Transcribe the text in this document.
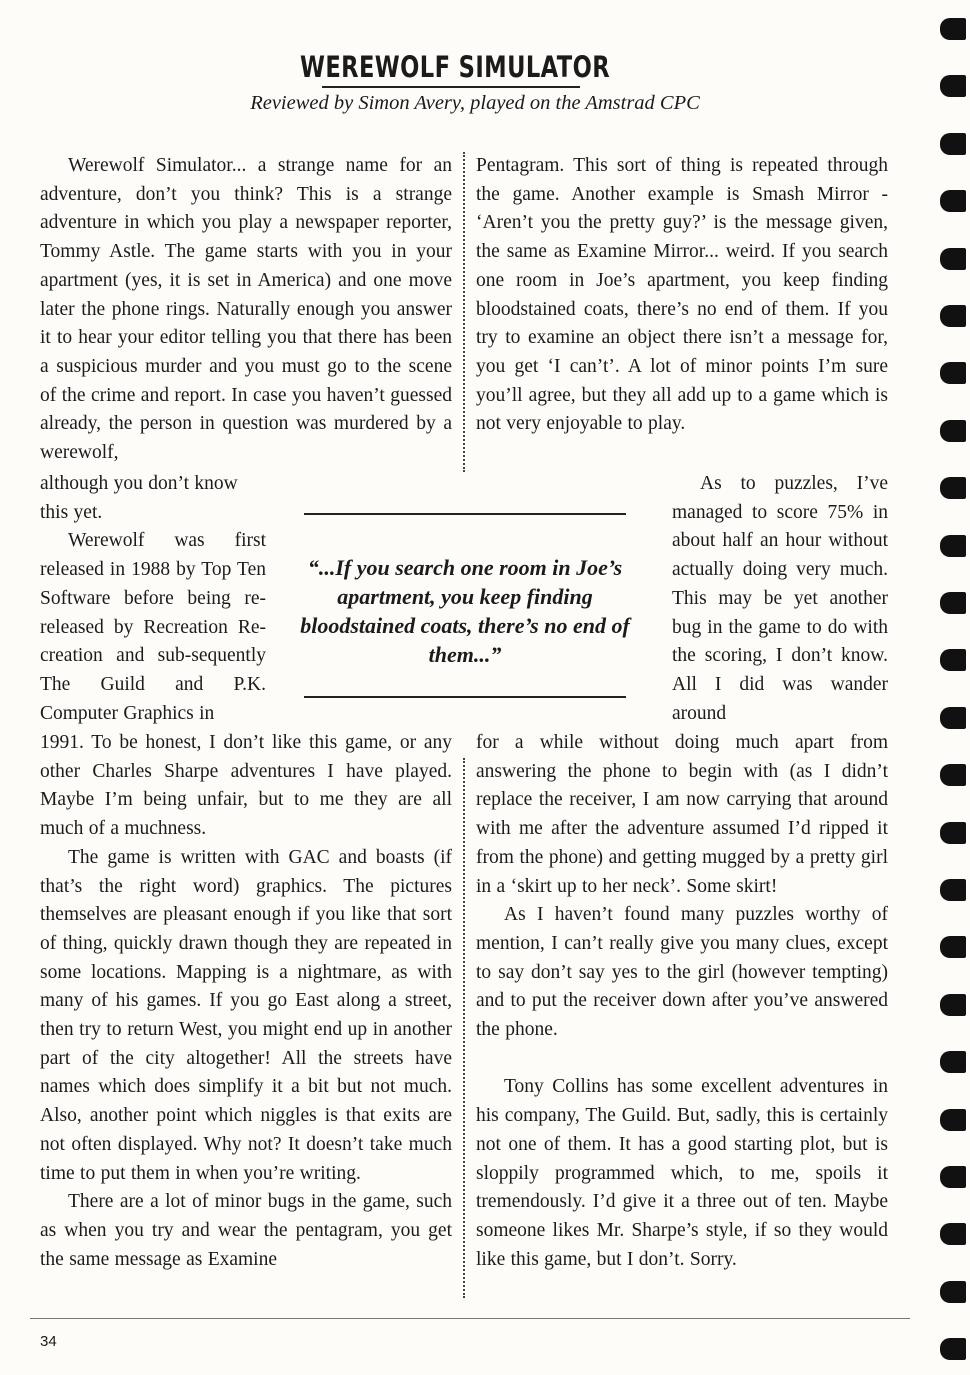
WEREWOLF SIMULATOR
Reviewed by Simon Avery, played on the Amstrad CPC

Werewolf Simulator... a strange name for an adventure, don’t you think? This is a strange adventure in which you play a newspaper reporter, Tommy Astle. The game starts with you in your apartment (yes, it is set in America) and one move later the phone rings. Naturally enough you answer it to hear your editor telling you that there has been a suspicious murder and you must go to the scene of the crime and report. In case you haven’t guessed already, the person in question was murdered by a werewolf,

Pentagram. This sort of thing is repeated through the game. Another example is Smash Mirror - ‘Aren’t you the pretty guy?’ is the message given, the same as Examine Mirror... weird. If you search one room in Joe’s apartment, you keep finding bloodstained coats, there’s no end of them. If you try to examine an object there isn’t a message for, you get ‘I can’t’. A lot of minor points I’m sure you’ll agree, but they all add up to a game which is not very enjoyable to play.

although you don’t know this yet.

Werewolf was first released in 1988 by Top Ten Software before being re-released by Recreation Re-creation and sub-sequently The Guild and P.K. Computer Graphics in

“...If you search one room in Joe’s apartment, you keep finding bloodstained coats, there’s no end of them...”

As to puzzles, I’ve managed to score 75% in about half an hour without actually doing very much. This may be yet another bug in the game to do with the scoring, I don’t know. All I did was wander around

1991. To be honest, I don’t like this game, or any other Charles Sharpe adventures I have played. Maybe I’m being unfair, but to me they are all much of a muchness.

The game is written with GAC and boasts (if that’s the right word) graphics. The pictures themselves are pleasant enough if you like that sort of thing, quickly drawn though they are repeated in some locations. Mapping is a nightmare, as with many of his games. If you go East along a street, then try to return West, you might end up in another part of the city altogether! All the streets have names which does simplify it a bit but not much. Also, another point which niggles is that exits are not often displayed. Why not? It doesn’t take much time to put them in when you’re writing.

There are a lot of minor bugs in the game, such as when you try and wear the pentagram, you get the same message as Examine

for a while without doing much apart from answering the phone to begin with (as I didn’t replace the receiver, I am now carrying that around with me after the adventure assumed I’d ripped it from the phone) and getting mugged by a pretty girl in a ‘skirt up to her neck’. Some skirt!

As I haven’t found many puzzles worthy of mention, I can’t really give you many clues, except to say don’t say yes to the girl (however tempting) and to put the receiver down after you’ve answered the phone.

Tony Collins has some excellent adventures in his company, The Guild. But, sadly, this is certainly not one of them. It has a good starting plot, but is sloppily programmed which, to me, spoils it tremendously. I’d give it a three out of ten. Maybe someone likes Mr. Sharpe’s style, if so they would like this game, but I don’t. Sorry.

34
